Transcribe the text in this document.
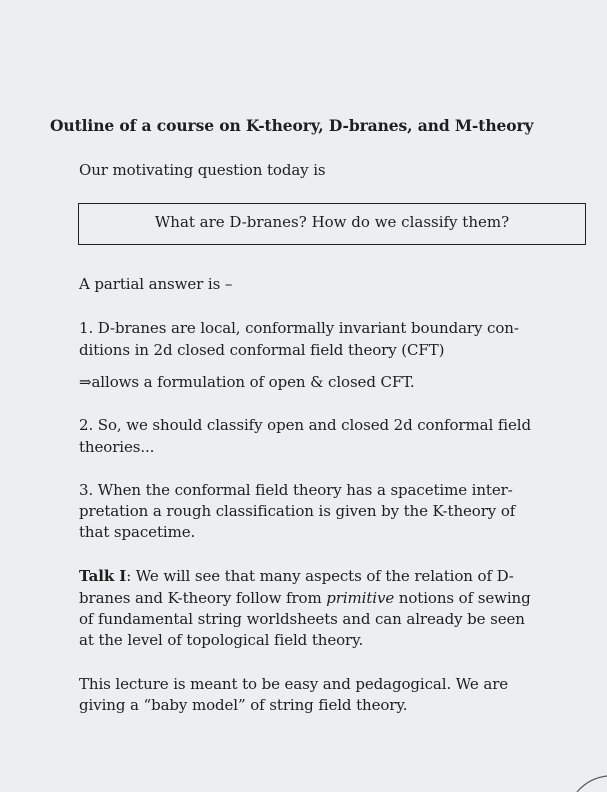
Outline of a course on K-theory, D-branes, and M-theory
Our motivating question today is
What are D-branes? How do we classify them?
A partial answer is –
1. D-branes are local, conformally invariant boundary con-
ditions in 2d closed conformal field theory (CFT)
⇒allows a formulation of open & closed CFT.
2. So, we should classify open and closed 2d conformal field
theories...
3. When the conformal field theory has a spacetime inter-
pretation a rough classification is given by the K-theory of
that spacetime.
Talk I: We will see that many aspects of the relation of D-
branes and K-theory follow from primitive notions of sewing
of fundamental string worldsheets and can already be seen
at the level of topological field theory.
This lecture is meant to be easy and pedagogical. We are
giving a “baby model” of string field theory.
